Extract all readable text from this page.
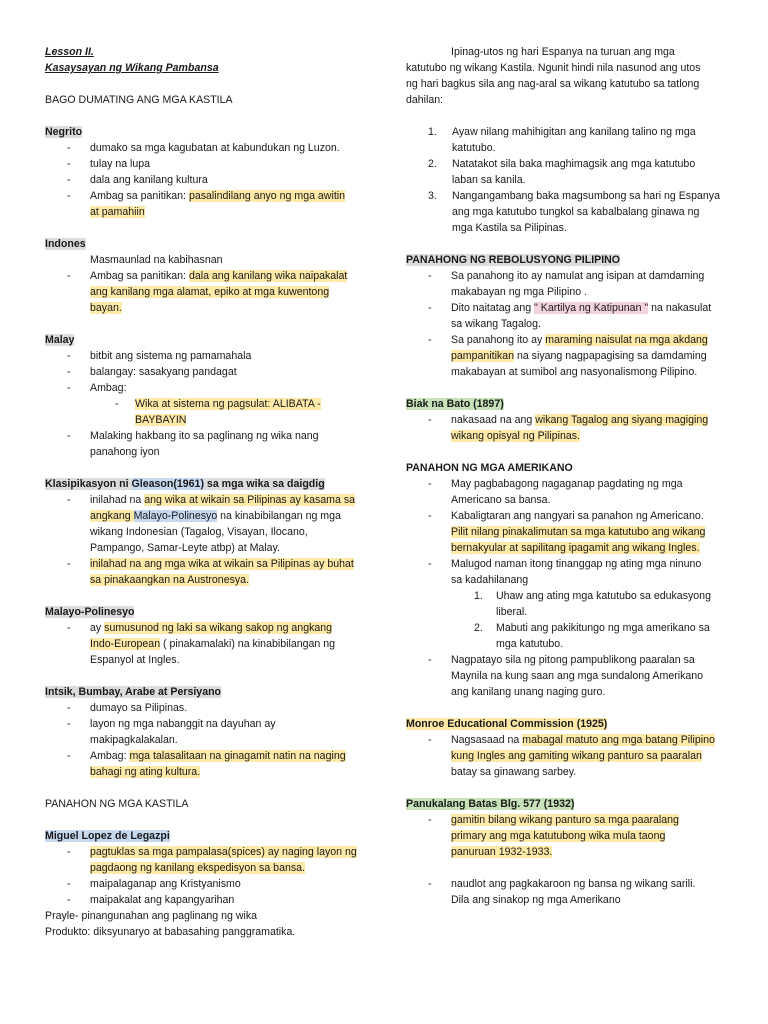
Lesson II.
Kasaysayan ng Wikang Pambansa
BAGO DUMATING ANG MGA KASTILA
Negrito
- dumako sa mga kagubatan at kabundukan ng Luzon.
- tulay na lupa
- dala ang kanilang kultura
- Ambag sa panitikan: pasalindilang anyo ng mga awitin
at pamahiin
Indones
Masmaunlad na kabihasnan
- Ambag sa panitikan: dala ang kanilang wika naipakalat
ang kanilang mga alamat, epiko at mga kuwentong
bayan.
Malay
- bitbit ang sistema ng pamamahala
- balangay: sasakyang pandagat
- Ambag:
- Wika at sistema ng pagsulat: ALIBATA -
BAYBAYIN
- Malaking hakbang ito sa paglinang ng wika nang
panahong iyon
Klasipikasyon ni Gleason(1961) sa mga wika sa daigdig
- inilahad na ang wika at wikain sa Pilipinas ay kasama sa
angkang Malayo-Polinesyo na kinabibilangan ng mga
wikang Indonesian (Tagalog, Visayan, Ilocano,
Pampango, Samar-Leyte atbp) at Malay.
- inilahad na ang mga wika at wikain sa Pilipinas ay buhat
sa pinakaangkan na Austronesya.
Malayo-Polinesyo
- ay sumusunod ng laki sa wikang sakop ng angkang
Indo-European ( pinakamalaki) na kinabibilangan ng
Espanyol at Ingles.
Intsik, Bumbay, Arabe at Persiyano
- dumayo sa Pilipinas.
- layon ng mga nabanggit na dayuhan ay
makipagkalakalan.
- Ambag: mga talasalitaan na ginagamit natin na naging
bahagi ng ating kultura.
PANAHON NG MGA KASTILA
Miguel Lopez de Legazpi
- pagtuklas sa mga pampalasa(spices) ay naging layon ng
pagdaong ng kanilang ekspedisyon sa bansa.
- maipalaganap ang Kristyanismo
- maipakalat ang kapangyarihan
Prayle- pinangunahan ang paglinang ng wika
Produkto: diksyunaryo at babasahing panggramatika.
Ipinag-utos ng hari Espanya na turuan ang mga
katutubo ng wikang Kastila. Ngunit hindi nila nasunod ang utos
ng hari bagkus sila ang nag-aral sa wikang katutubo sa tatlong
dahilan:
1. Ayaw nilang mahihigitan ang kanilang talino ng mga
katutubo.
2. Natatakot sila baka maghimagsik ang mga katutubo
laban sa kanila.
3. Nangangambang baka magsumbong sa hari ng Espanya
ang mga katutubo tungkol sa kabalbalang ginawa ng
mga Kastila sa Pilipinas.
PANAHONG NG REBOLUSYONG PILIPINO
- Sa panahong ito ay namulat ang isipan at damdaming
makabayan ng mga Pilipino .
- Dito naitatag ang " Kartilya ng Katipunan " na nakasulat
sa wikang Tagalog.
- Sa panahong ito ay maraming naisulat na mga akdang
pampanitikan na siyang nagpapagising sa damdaming
makabayan at sumibol ang nasyonalismong Pilipino.
Biak na Bato (1897)
- nakasaad na ang wikang Tagalog ang siyang magiging
wikang opisyal ng Pilipinas.
PANAHON NG MGA AMERIKANO
- May pagbabagong nagaganap pagdating ng mga
Americano sa bansa.
- Kabaligtaran ang nangyari sa panahon ng Americano.
Pilit nilang pinakalimutan sa mga katutubo ang wikang
bernakyular at sapilitang ipagamit ang wikang Ingles.
- Malugod naman itong tinanggap ng ating mga ninuno
sa kadahilanang
1. Uhaw ang ating mga katutubo sa edukasyong
liberal.
2. Mabuti ang pakikitungo ng mga amerikano sa
mga katutubo.
- Nagpatayo sila ng pitong pampublikong paaralan sa
Maynila na kung saan ang mga sundalong Amerikano
ang kanilang unang naging guro.
Monroe Educational Commission (1925)
- Nagsasaad na mabagal matuto ang mga batang Pilipino
kung Ingles ang gamiting wikang panturo sa paaralan
batay sa ginawang sarbey.
Panukalang Batas Blg. 577 (1932)
- gamitin bilang wikang panturo sa mga paaralang
primary ang mga katutubong wika mula taong
panuruan 1932-1933.
- naudlot ang pagkakaroon ng bansa ng wikang sarili.
Dila ang sinakop ng mga Amerikano
